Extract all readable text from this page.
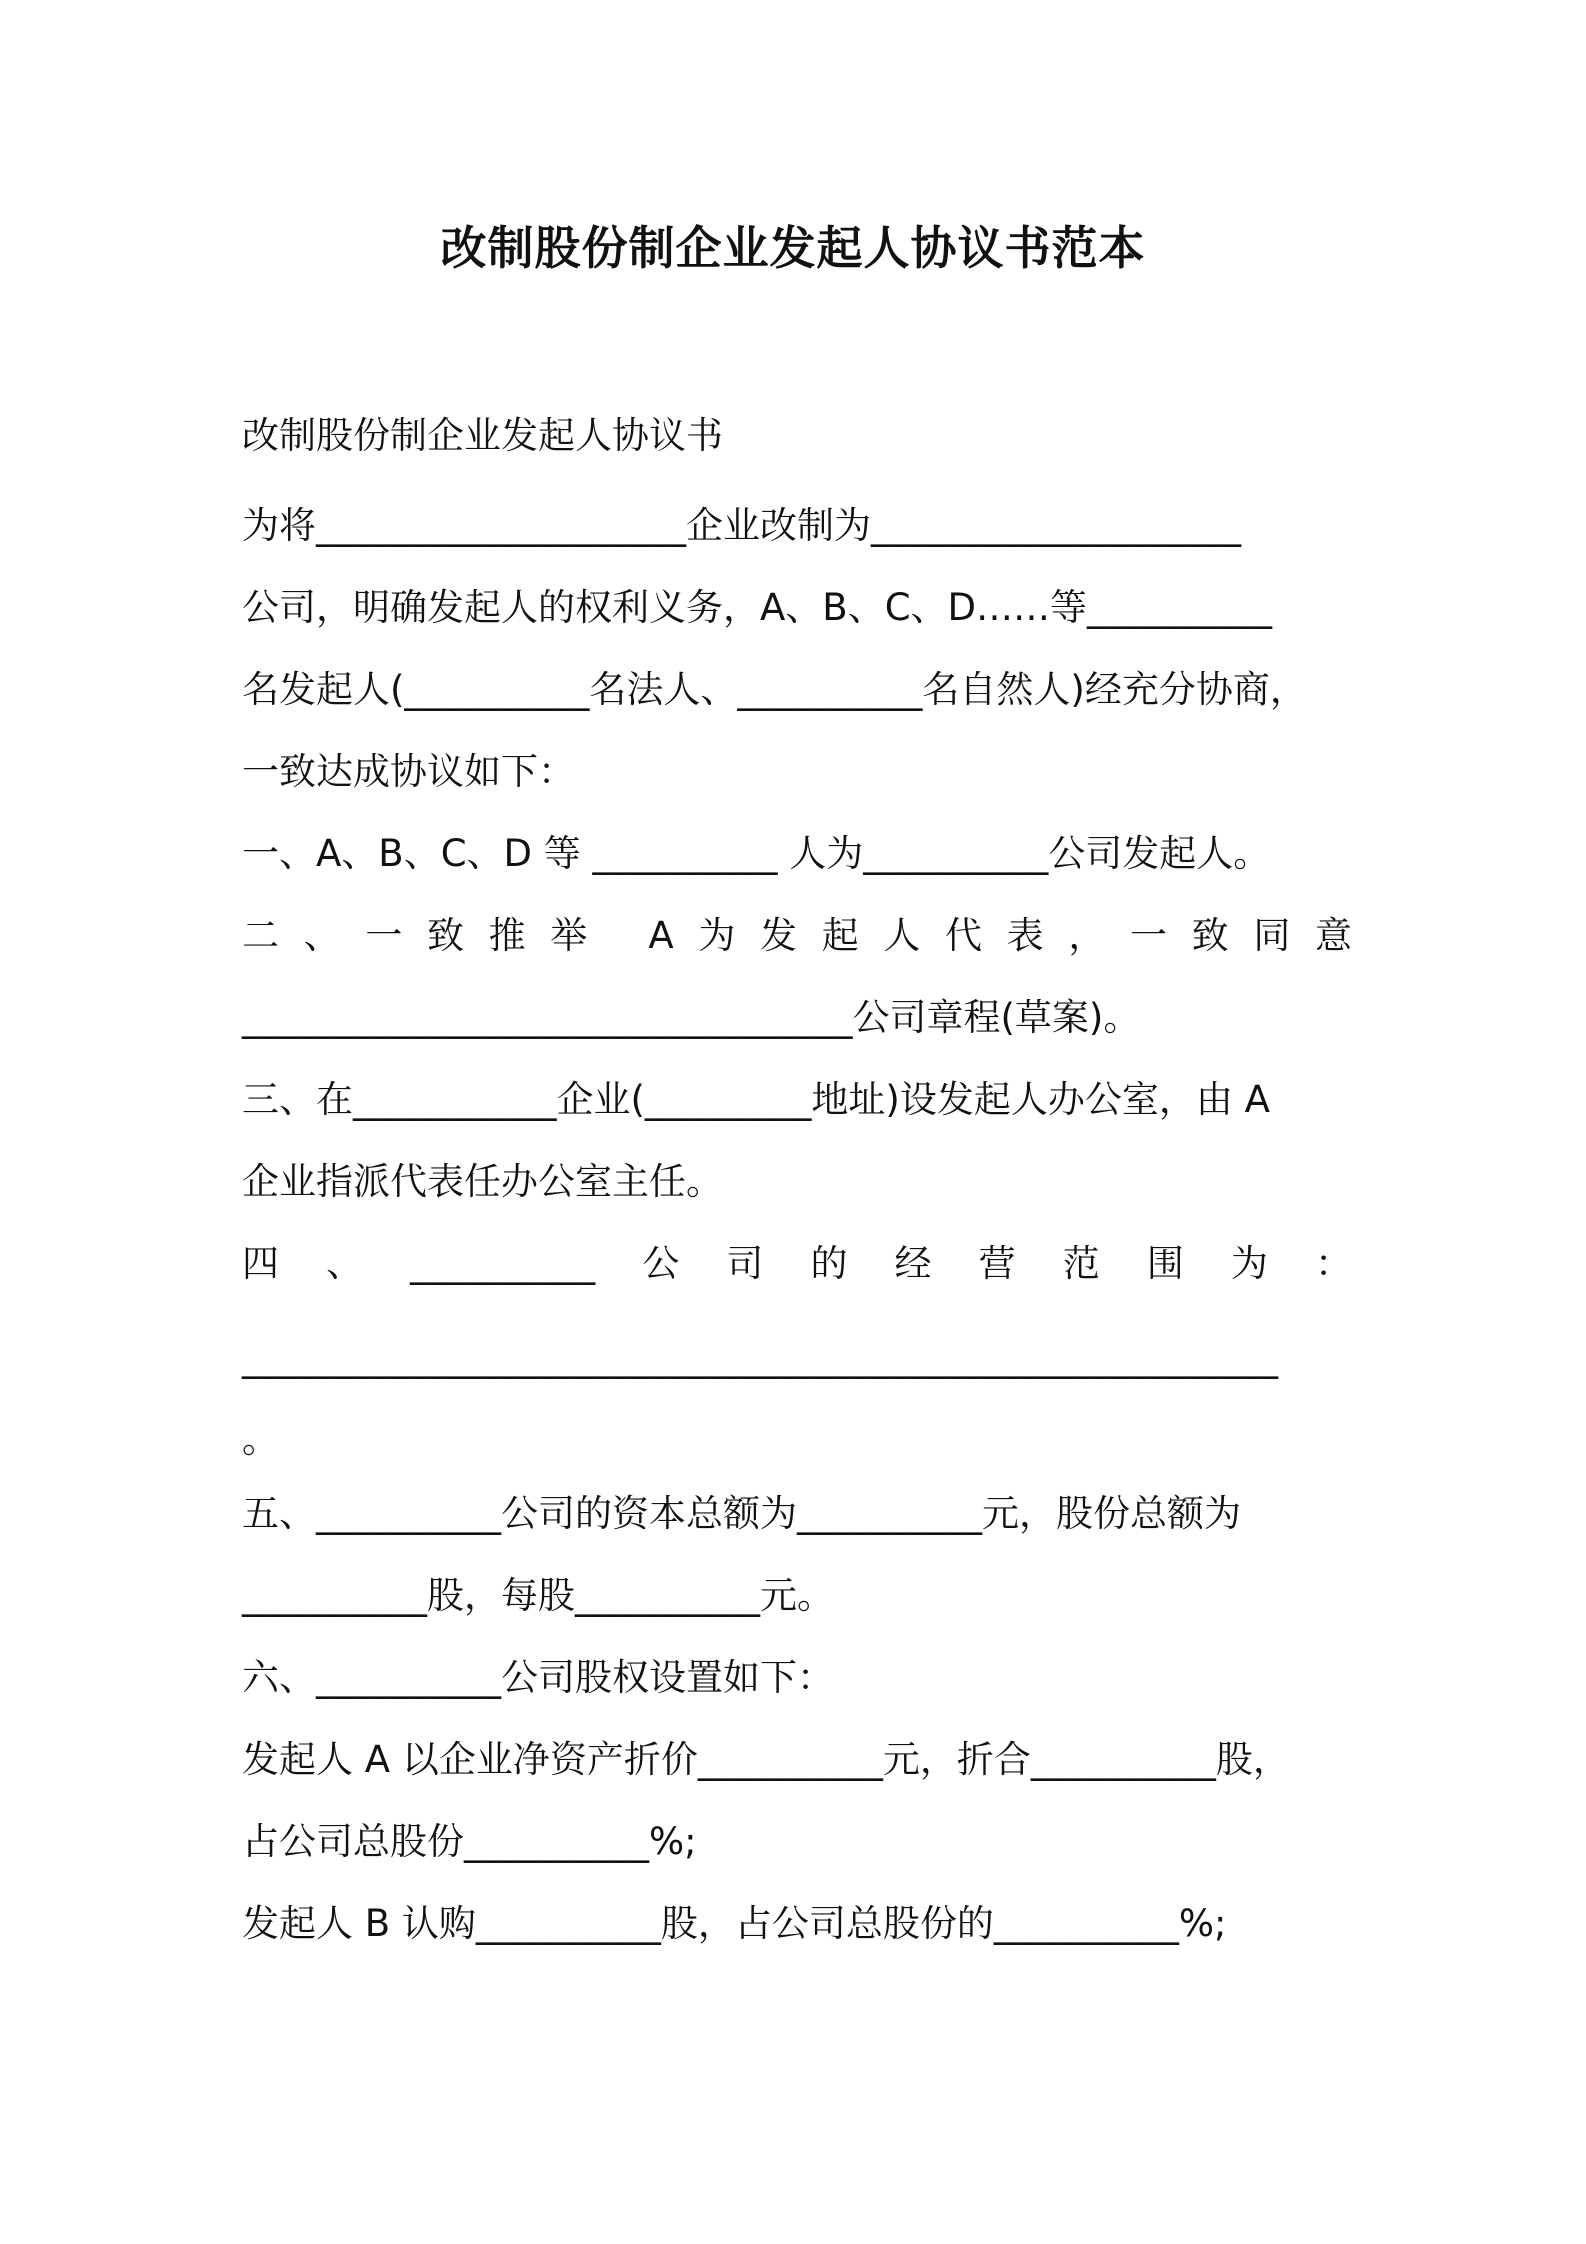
改制股份制企业发起人协议书范本
改制股份制企业发起人协议书
为将____________________企业改制为____________________
公司，明确发起人的权利义务，A、B、C、D……等__________
名发起人(__________名法人、__________名自然人)经充分协商，
一致达成协议如下：
一、A、B、C、D 等 __________ 人为__________公司发起人。
二、一致推举 A为发起人代表，一致同意
_________________________________公司章程(草案)。
三、在___________企业(_________地址)设发起人办公室，由 A
企业指派代表任办公室主任。
四、__________公司的经营范围为：
________________________________________________________
。
五、__________公司的资本总额为__________元，股份总额为
__________股，每股__________元。
六、__________公司股权设置如下：
发起人 A 以企业净资产折价__________元，折合__________股，
占公司总股份__________%;
发起人 B 认购__________股，占公司总股份的__________%;
